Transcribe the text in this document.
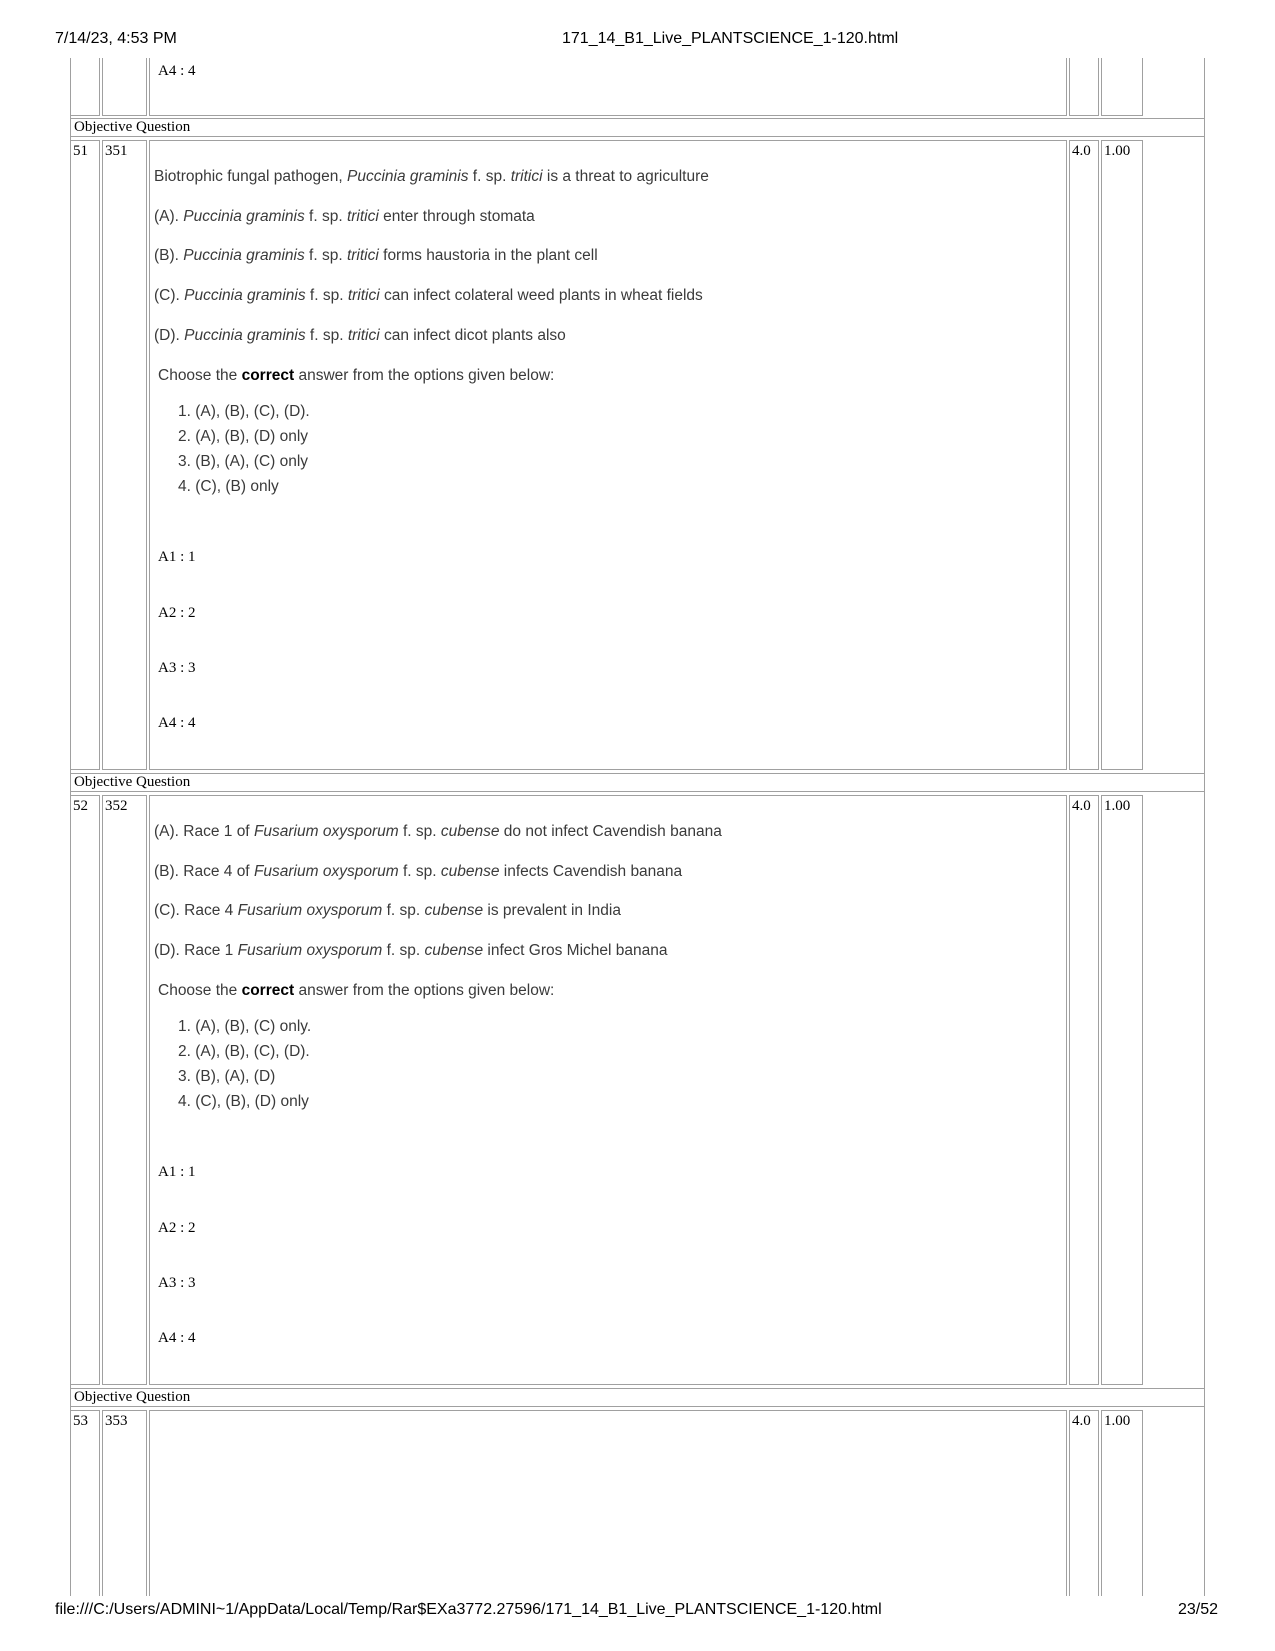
7/14/23, 4:53 PM	171_14_B1_Live_PLANTSCIENCE_1-120.html
A4 : 4
Objective Question
51 351
Biotrophic fungal pathogen, Puccinia graminis f. sp. tritici is a threat to agriculture
(A). Puccinia graminis f. sp. tritici enter through stomata
(B). Puccinia graminis f. sp. tritici forms haustoria in the plant cell
(C). Puccinia graminis f. sp. tritici can infect colateral weed plants in wheat fields
(D). Puccinia graminis f. sp. tritici can infect dicot plants also
Choose the correct answer from the options given below:
1. (A), (B), (C), (D).
2. (A), (B), (D) only
3. (B), (A), (C) only
4. (C), (B) only
A1 : 1
A2 : 2
A3 : 3
A4 : 4
4.0 1.00
Objective Question
52 352
(A). Race 1 of Fusarium oxysporum f. sp. cubense do not infect Cavendish banana
(B). Race 4 of Fusarium oxysporum f. sp. cubense infects Cavendish banana
(C). Race 4 Fusarium oxysporum f. sp. cubense is prevalent in India
(D). Race 1 Fusarium oxysporum f. sp. cubense infect Gros Michel banana
Choose the correct answer from the options given below:
1. (A), (B), (C) only.
2. (A), (B), (C), (D).
3. (B), (A), (D)
4. (C), (B), (D) only
A1 : 1
A2 : 2
A3 : 3
A4 : 4
4.0 1.00
Objective Question
53 353	4.0 1.00
file:///C:/Users/ADMINI~1/AppData/Local/Temp/Rar$EXa3772.27596/171_14_B1_Live_PLANTSCIENCE_1-120.html	23/52
